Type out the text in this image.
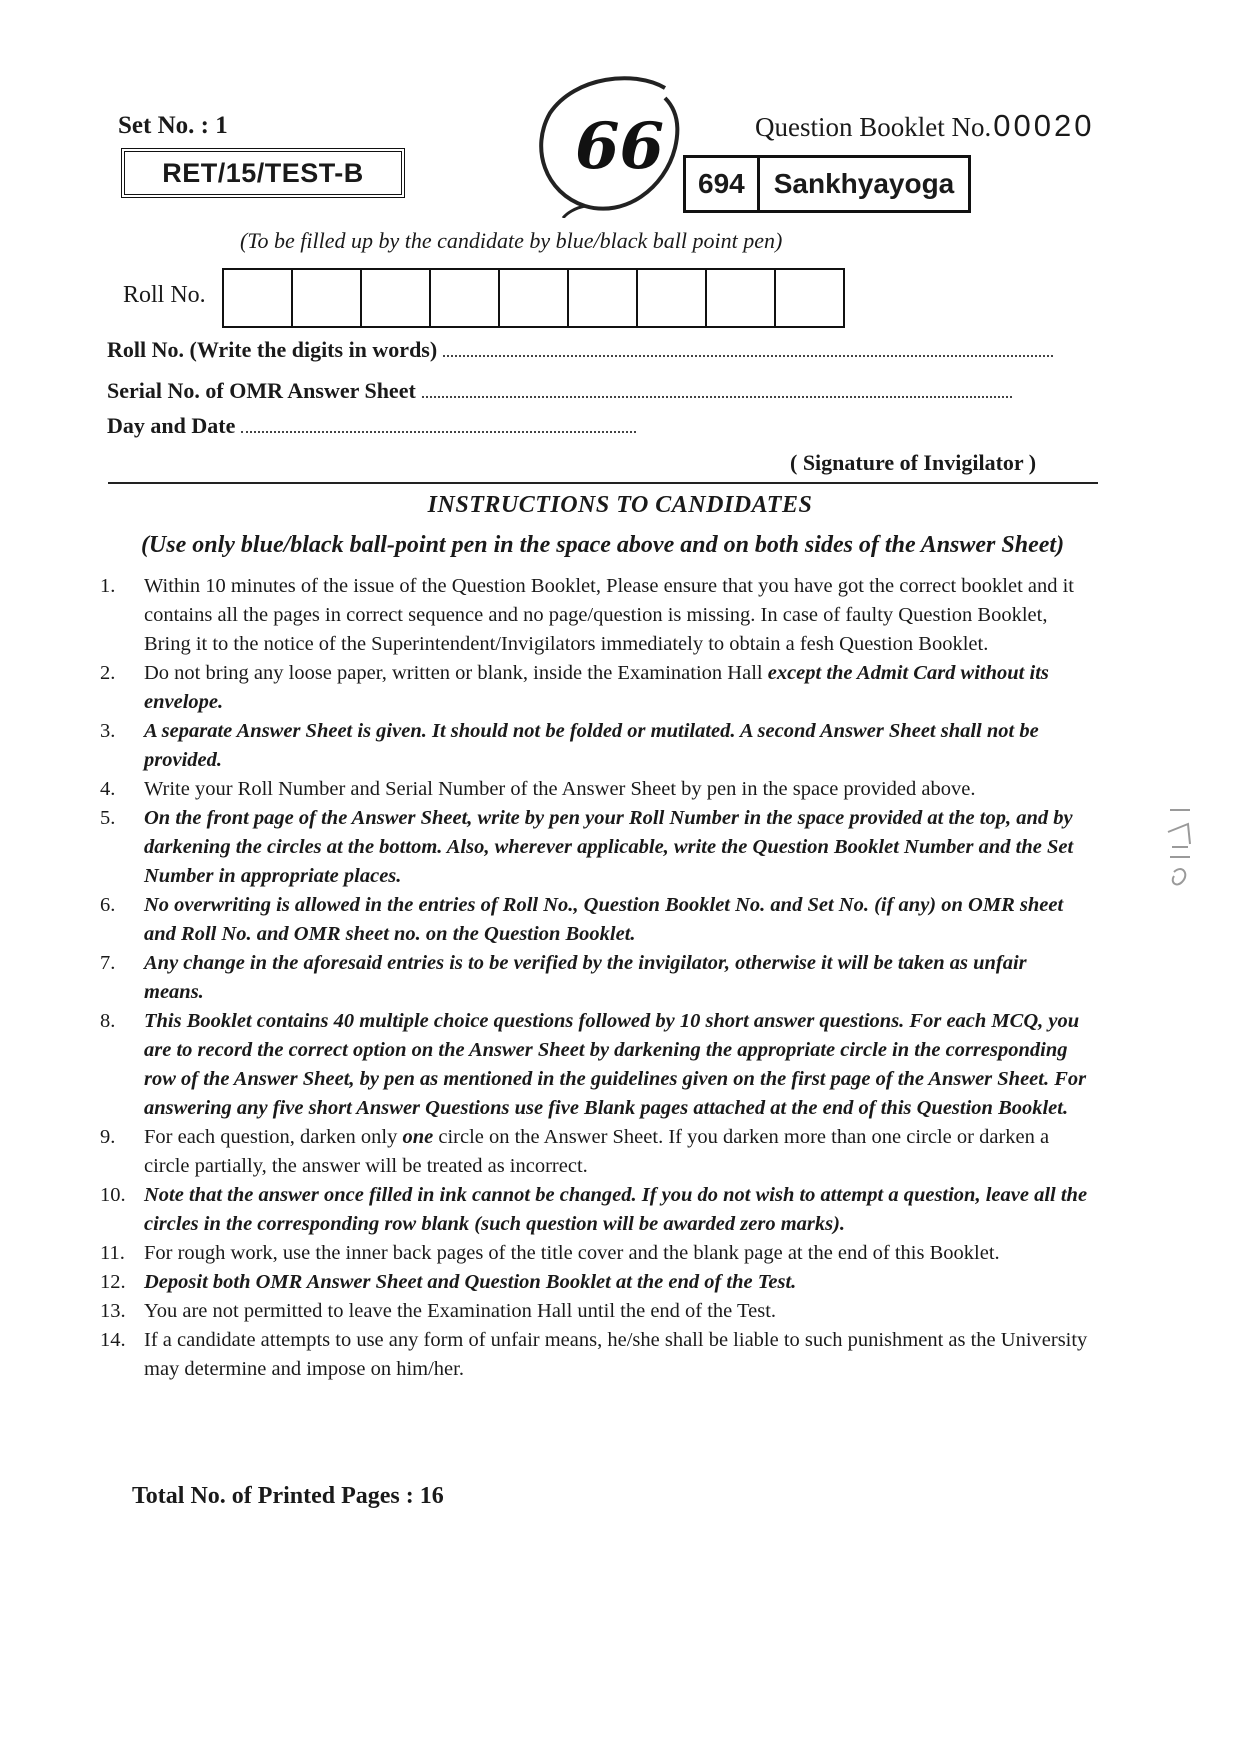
Set No. : 1
RET/15/TEST-B	66	Question Booklet No.00020
694	Sankhyayoga
(To be filled up by the candidate by blue/black ball point pen)
Roll No.
Roll No. (Write the digits in words)
Serial No. of OMR Answer Sheet
Day and Date
( Signature of Invigilator )
INSTRUCTIONS TO CANDIDATES
(Use only blue/black ball-point pen in the space above and on both sides of the Answer Sheet)
1.	Within 10 minutes of the issue of the Question Booklet, Please ensure that you have got the correct booklet and it contains all the pages in correct sequence and no page/question is missing. In case of faulty Question Booklet, Bring it to the notice of the Superintendent/Invigilators immediately to obtain a fesh Question Booklet.
2.	Do not bring any loose paper, written or blank, inside the Examination Hall except the Admit Card without its envelope.
3.	A separate Answer Sheet is given. It should not be folded or mutilated. A second Answer Sheet shall not be provided.
4.	Write your Roll Number and Serial Number of the Answer Sheet by pen in the space provided above.
5.	On the front page of the Answer Sheet, write by pen your Roll Number in the space provided at the top, and by darkening the circles at the bottom. Also, wherever applicable, write the Question Booklet Number and the Set Number in appropriate places.
6.	No overwriting is allowed in the entries of Roll No., Question Booklet No. and Set No. (if any) on OMR sheet and Roll No. and OMR sheet no. on the Question Booklet.
7.	Any change in the aforesaid entries is to be verified by the invigilator, otherwise it will be taken as unfair means.
8.	This Booklet contains 40 multiple choice questions followed by 10 short answer questions. For each MCQ, you are to record the correct option on the Answer Sheet by darkening the appropriate circle in the corresponding row of the Answer Sheet, by pen as mentioned in the guidelines given on the first page of the Answer Sheet. For answering any five short Answer Questions use five Blank pages attached at the end of this Question Booklet.
9.	For each question, darken only one circle on the Answer Sheet. If you darken more than one circle or darken a circle partially, the answer will be treated as incorrect.
10. Note that the answer once filled in ink cannot be changed. If you do not wish to attempt a question, leave all the circles in the corresponding row blank (such question will be awarded zero marks).
11. For rough work, use the inner back pages of the title cover and the blank page at the end of this Booklet.
12. Deposit both OMR Answer Sheet and Question Booklet at the end of the Test.
13. You are not permitted to leave the Examination Hall until the end of the Test.
14. If a candidate attempts to use any form of unfair means, he/she shall be liable to such punishment as the University may determine and impose on him/her.
Total No. of Printed Pages : 16
